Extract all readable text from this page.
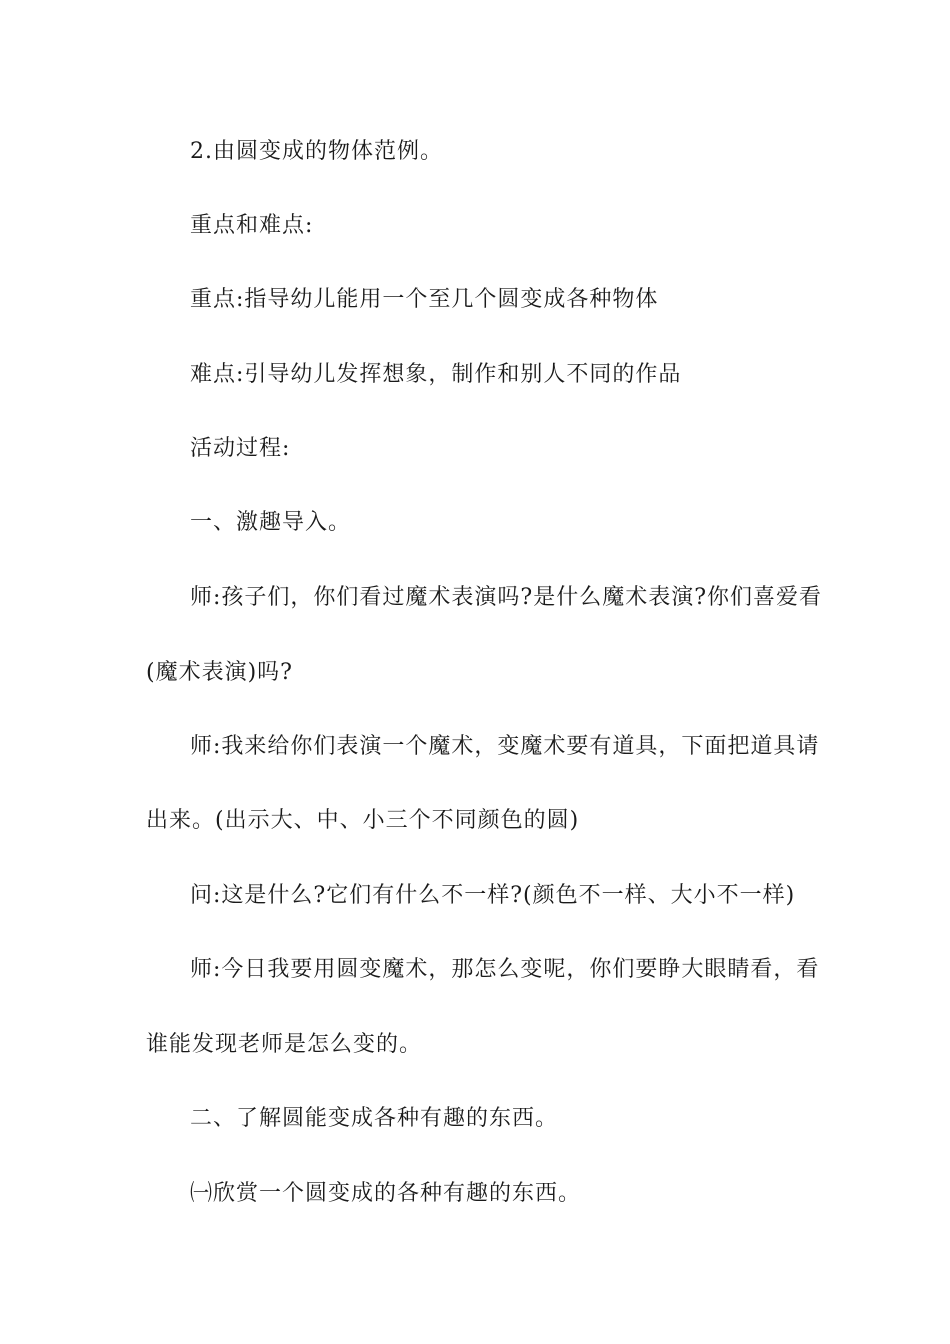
2.由圆变成的物体范例。
重点和难点:
重点:指导幼儿能用一个至几个圆变成各种物体
难点:引导幼儿发挥想象，制作和别人不同的作品
活动过程:
一、激趣导入。
师:孩子们，你们看过魔术表演吗?是什么魔术表演?你们喜爱看
(魔术表演)吗?
师:我来给你们表演一个魔术，变魔术要有道具，下面把道具请
出来。(出示大、中、小三个不同颜色的圆)
问:这是什么?它们有什么不一样?(颜色不一样、大小不一样)
师:今日我要用圆变魔术，那怎么变呢，你们要睁大眼睛看，看
谁能发现老师是怎么变的。
二、了解圆能变成各种有趣的东西。
㈠欣赏一个圆变成的各种有趣的东西。
